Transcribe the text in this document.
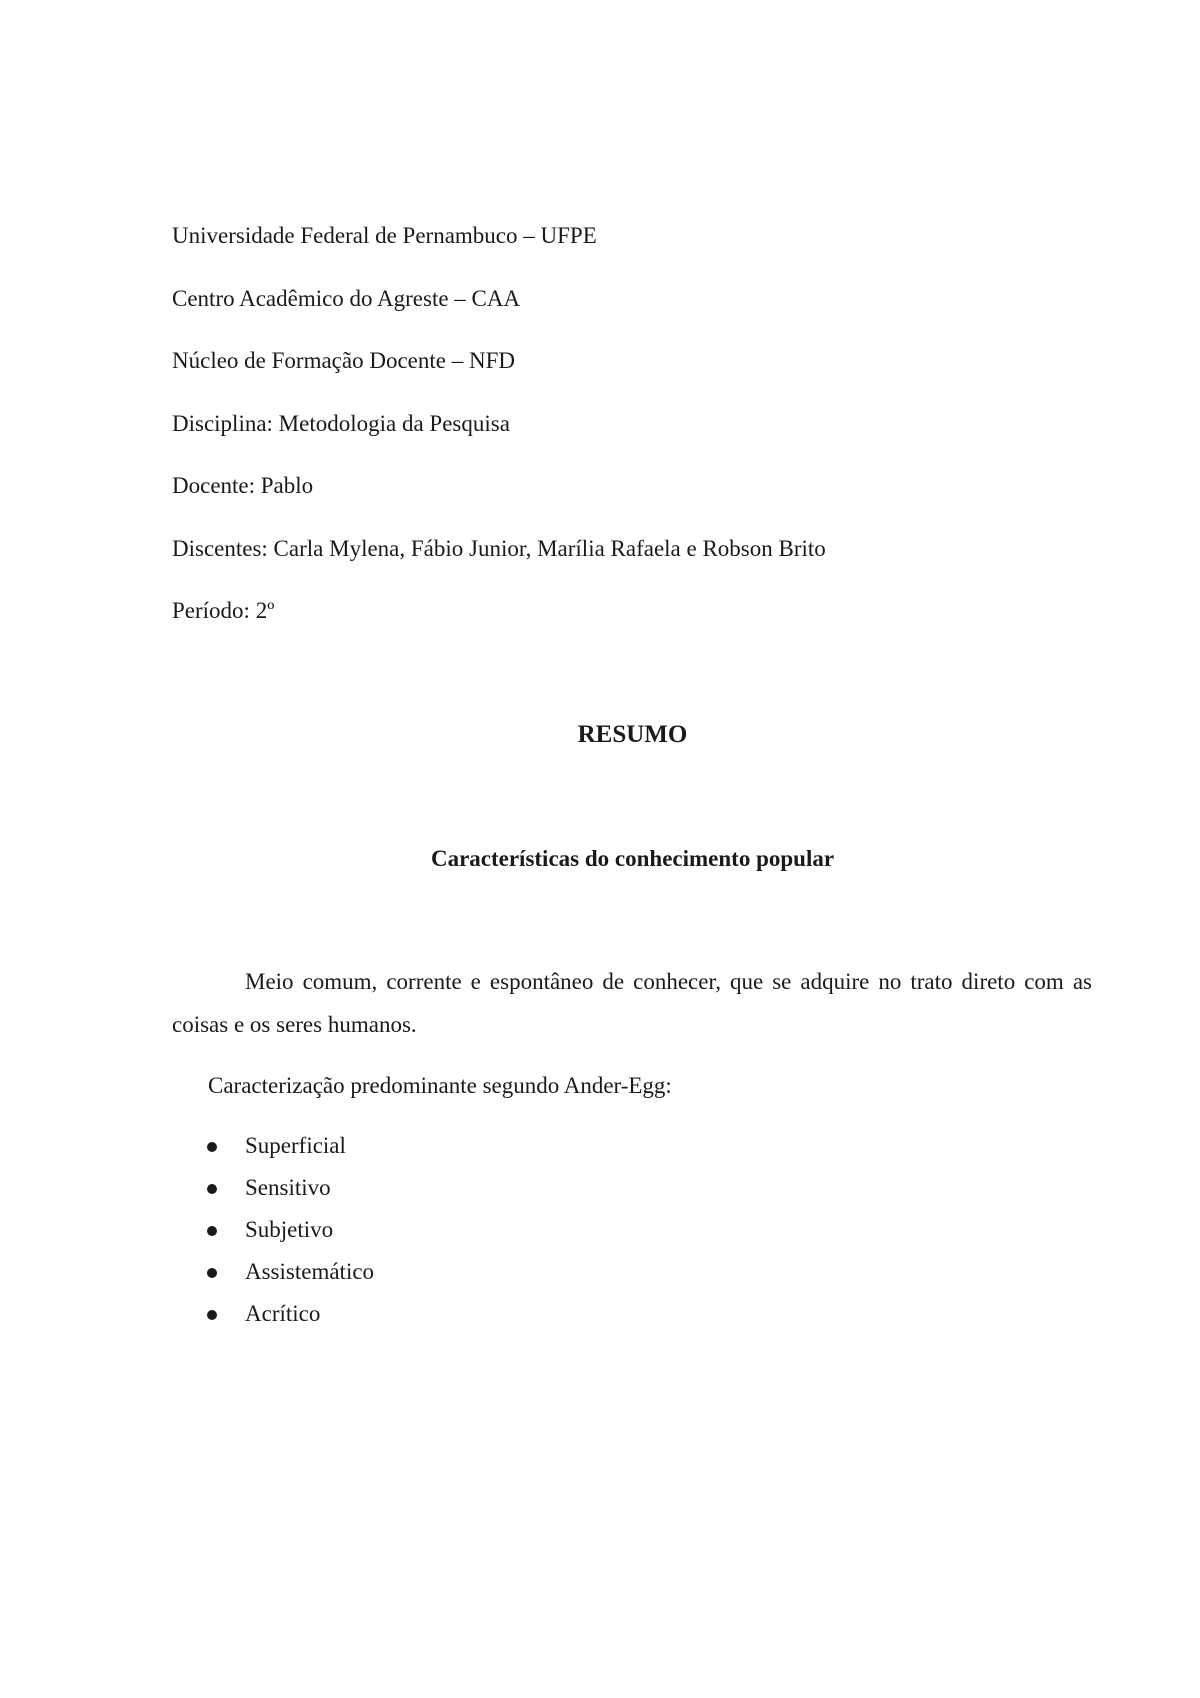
Universidade Federal de Pernambuco – UFPE
Centro Acadêmico do Agreste – CAA
Núcleo de Formação Docente – NFD
Disciplina: Metodologia da Pesquisa
Docente: Pablo
Discentes: Carla Mylena, Fábio Junior, Marília Rafaela e Robson Brito
Período: 2º
RESUMO
Características do conhecimento popular
Meio comum, corrente e espontâneo de conhecer, que se adquire no trato direto com as coisas e os seres humanos.
Caracterização predominante segundo Ander-Egg:
Superficial
Sensitivo
Subjetivo
Assistemático
Acrítico
